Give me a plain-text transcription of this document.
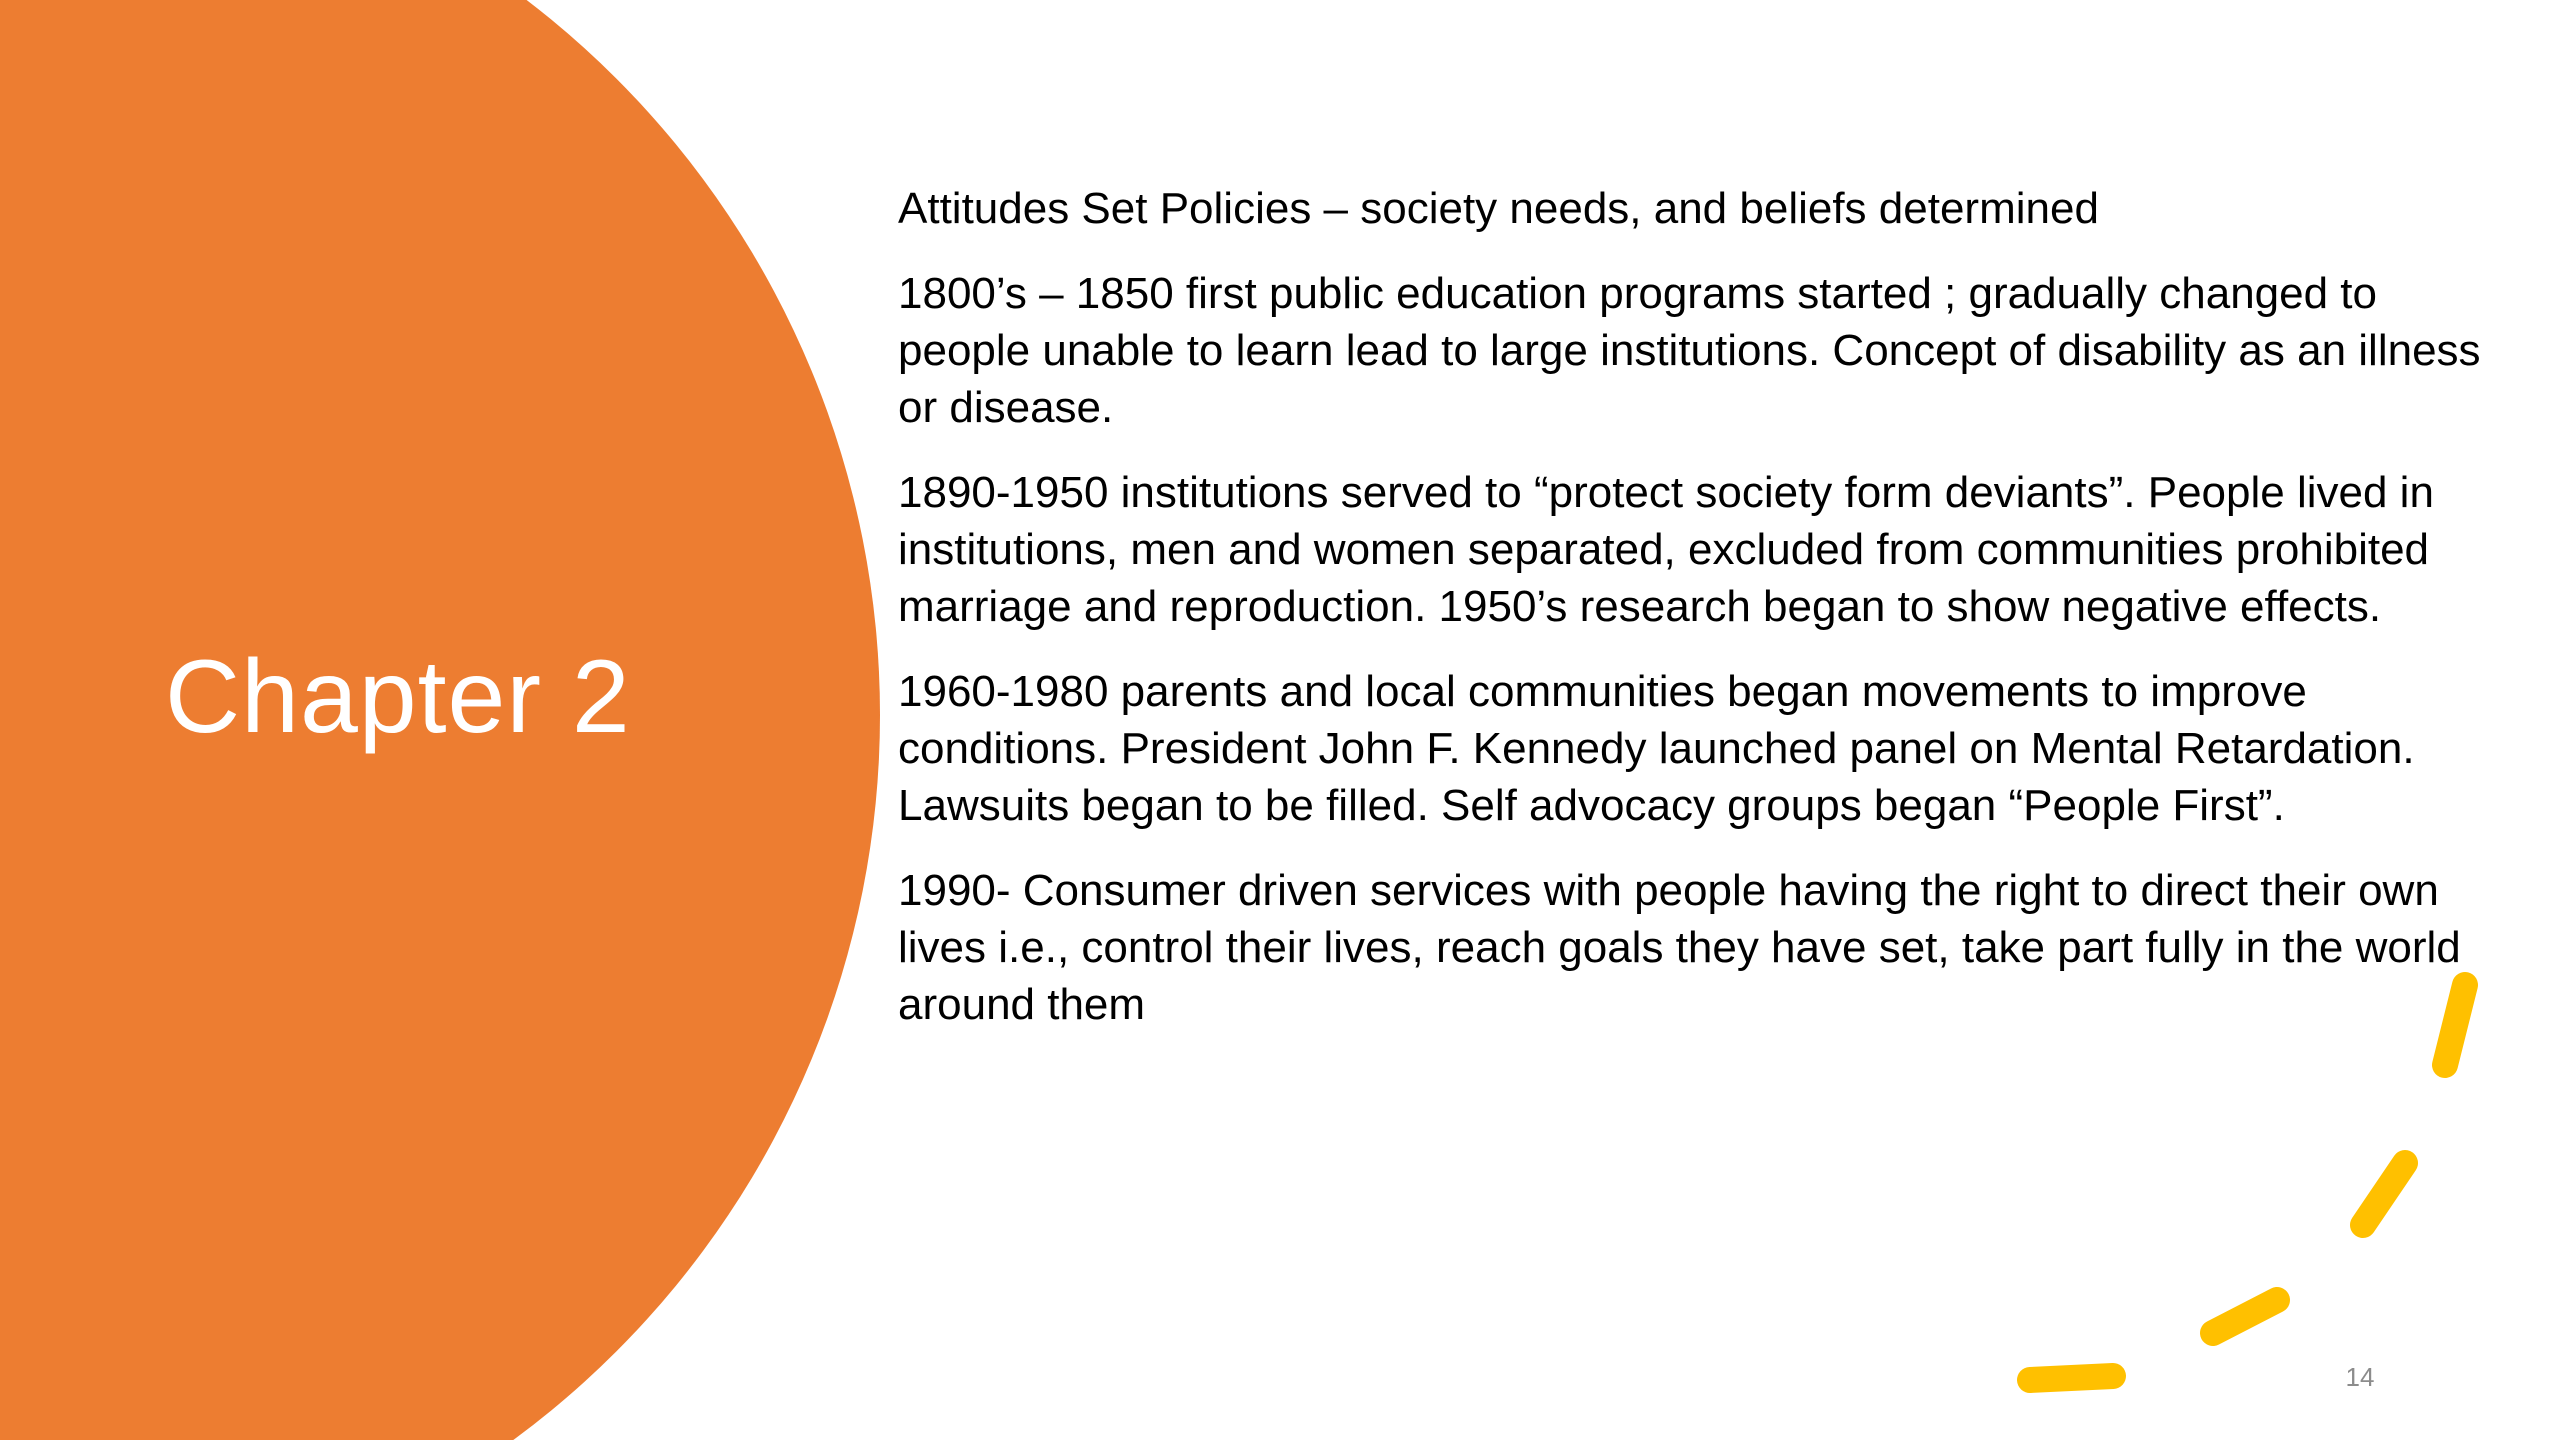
Chapter 2

Attitudes Set Policies – society needs, and beliefs determined

1800’s – 1850 first public education programs started ; gradually changed to people unable to learn lead to large institutions. Concept of disability as an illness or disease.

1890-1950 institutions served to “protect society form deviants”. People lived in institutions, men and women separated, excluded from communities prohibited marriage and reproduction. 1950’s research began to show negative effects.

1960-1980 parents and local communities began movements to improve conditions. President John F. Kennedy launched panel on Mental Retardation. Lawsuits began to be filled. Self advocacy groups began “People First”.

1990- Consumer driven services with people having the right to direct their own lives i.e., control their lives, reach goals they have set, take part fully in the world around them

14
